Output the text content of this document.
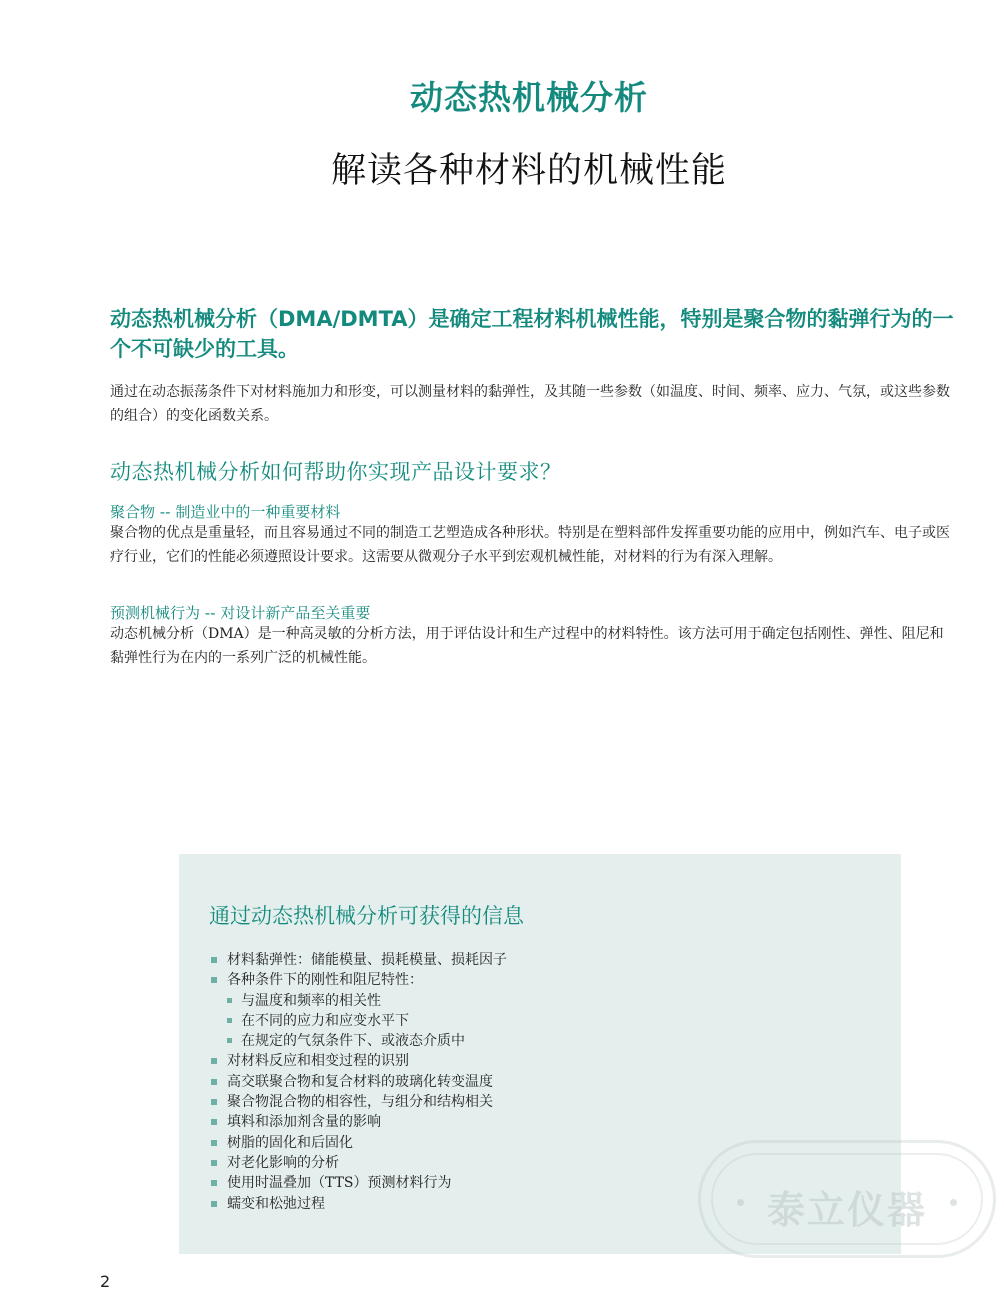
动态热机械分析
解读各种材料的机械性能
动态热机械分析（DMA/DMTA）是确定工程材料机械性能，特别是聚合物的黏弹行为的一个不可缺少的工具。
通过在动态振荡条件下对材料施加力和形变，可以测量材料的黏弹性，及其随一些参数（如温度、时间、频率、应力、气氛，或这些参数的组合）的变化函数关系。
动态热机械分析如何帮助你实现产品设计要求？
聚合物 -- 制造业中的一种重要材料
聚合物的优点是重量轻，而且容易通过不同的制造工艺塑造成各种形状。特别是在塑料部件发挥重要功能的应用中，例如汽车、电子或医疗行业，它们的性能必须遵照设计要求。这需要从微观分子水平到宏观机械性能，对材料的行为有深入理解。
预测机械行为 -- 对设计新产品至关重要
动态机械分析（DMA）是一种高灵敏的分析方法，用于评估设计和生产过程中的材料特性。该方法可用于确定包括刚性、弹性、阻尼和黏弹性行为在内的一系列广泛的机械性能。
通过动态热机械分析可获得的信息
材料黏弹性：储能模量、损耗模量、损耗因子
各种条件下的刚性和阻尼特性：
与温度和频率的相关性
在不同的应力和应变水平下
在规定的气氛条件下、或液态介质中
对材料反应和相变过程的识别
高交联聚合物和复合材料的玻璃化转变温度
聚合物混合物的相容性，与组分和结构相关
填料和添加剂含量的影响
树脂的固化和后固化
对老化影响的分析
使用时温叠加（TTS）预测材料行为
蠕变和松弛过程	泰立仪器
2
